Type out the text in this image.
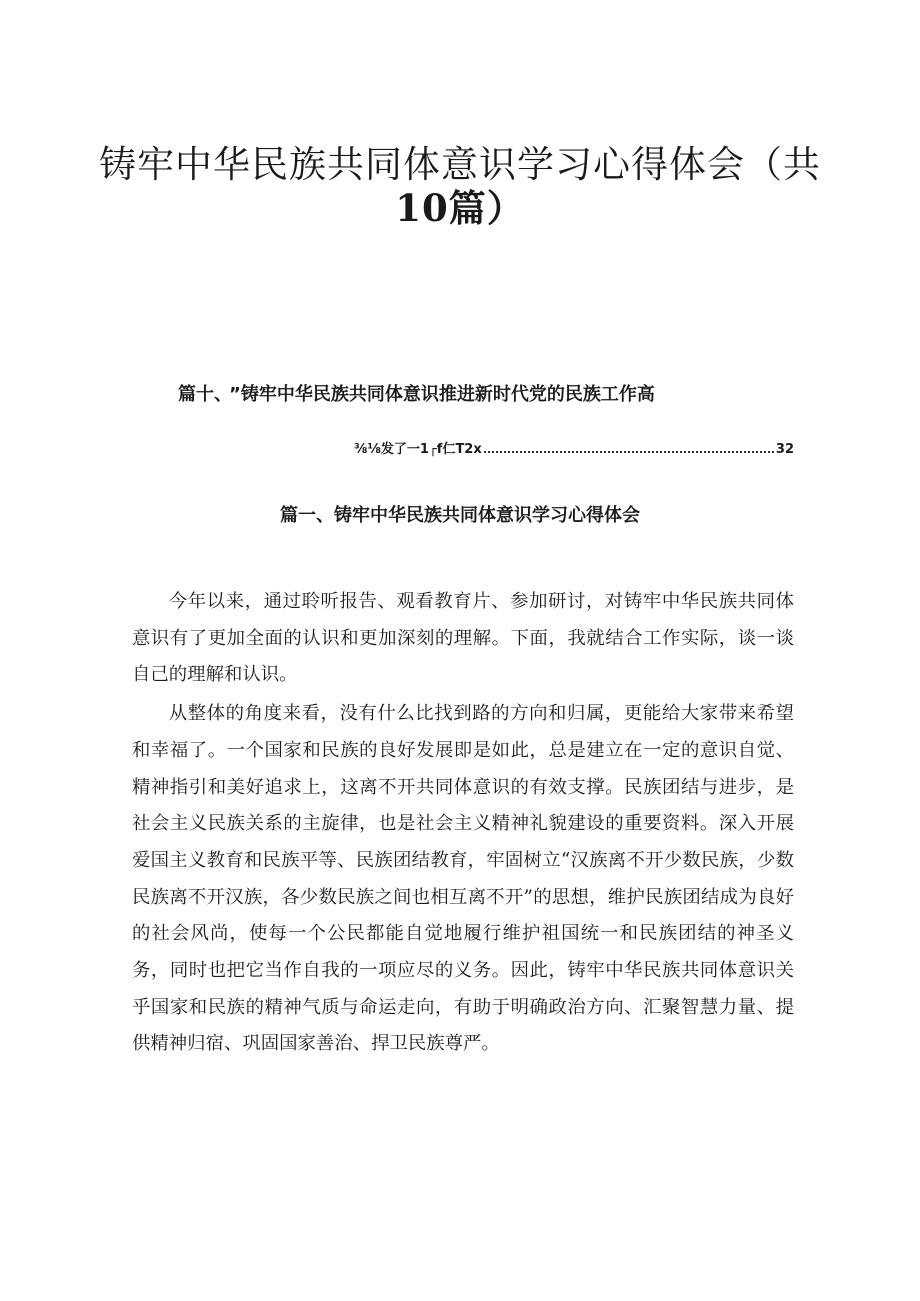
铸牢中华民族共同体意识学习心得体会（共
10篇）
篇十、 ”铸牢中华民族共同体意识推进新时代党的民族工作高
⅜⅛发了一1┌f仁T2x	32
篇一、铸牢中华民族共同体意识学习心得体会

今年以来，通过聆听报告、观看教育片、参加研讨，对铸牢中华民族共同体意识有了更加全面的认识和更加深刻的理解。下面，我就结合工作实际，谈一谈自己的理解和认识。

从整体的角度来看，没有什么比找到路的方向和归属，更能给大家带来希望和幸福了。一个国家和民族的良好发展即是如此，总是建立在一定的意识自觉、精神指引和美好追求上，这离不开共同体意识的有效支撑。民族团结与进步，是社会主义民族关系的主旋律，也是社会主义精神礼貌建设的重要资料。深入开展爱国主义教育和民族平等、民族团结教育，牢固树立“汉族离不开少数民族，少数民族离不开汉族，各少数民族之间也相互离不开”的思想，维护民族团结成为良好的社会风尚，使每一个公民都能自觉地履行维护祖国统一和民族团结的神圣义务，同时也把它当作自我的一项应尽的义务。因此，铸牢中华民族共同体意识关乎国家和民族的精神气质与命运走向，有助于明确政治方向、汇聚智慧力量、提供精神归宿、巩固国家善治、捍卫民族尊严。
